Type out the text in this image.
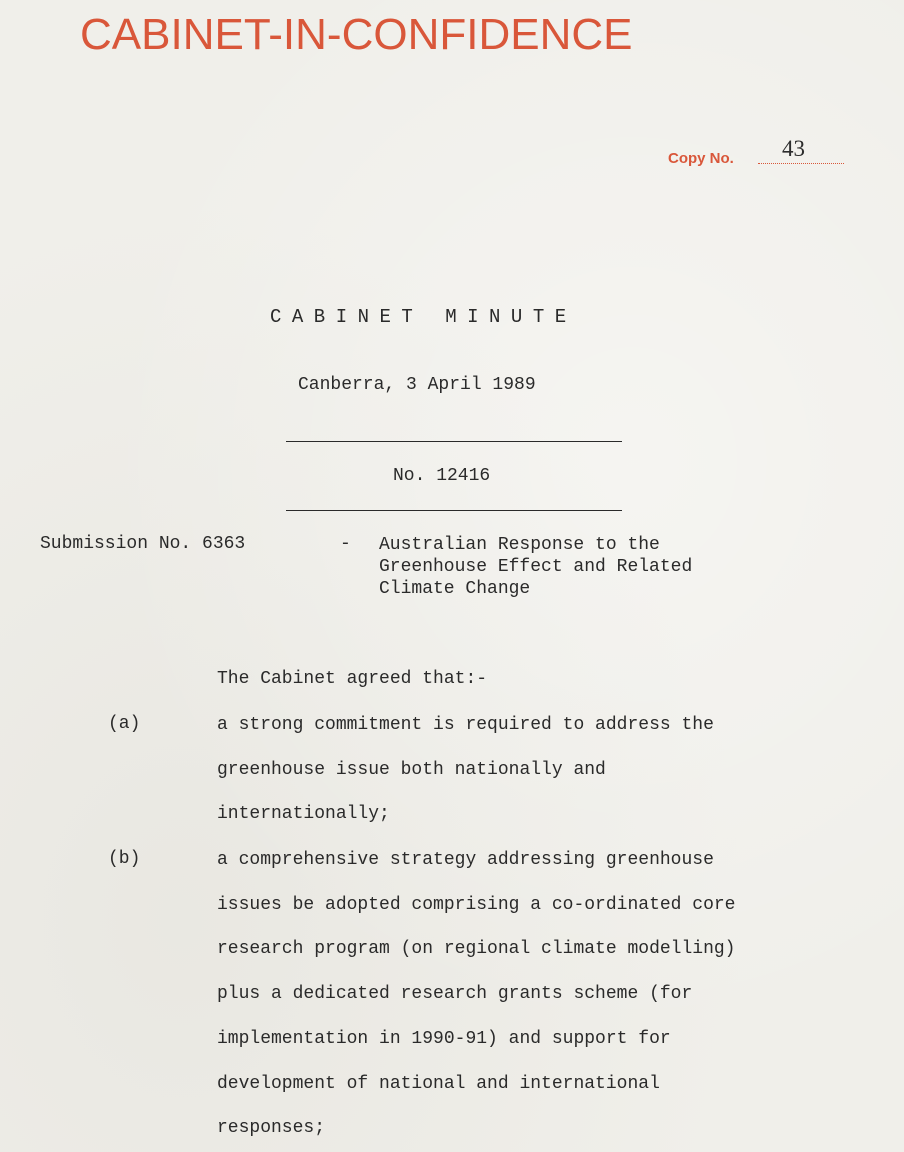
CABINET-IN-CONFIDENCE
Copy No. 43
CABINET MINUTE
Canberra, 3 April 1989
No. 12416
Submission No. 6363	- Australian Response to the
Greenhouse Effect and Related
Climate Change
The Cabinet agreed that:-
(a)	a strong commitment is required to address the
greenhouse issue both nationally and
internationally;
(b)	a comprehensive strategy addressing greenhouse
issues be adopted comprising a co-ordinated core
research program (on regional climate modelling)
plus a dedicated research grants scheme (for
implementation in 1990-91) and support for
development of national and international
responses;
